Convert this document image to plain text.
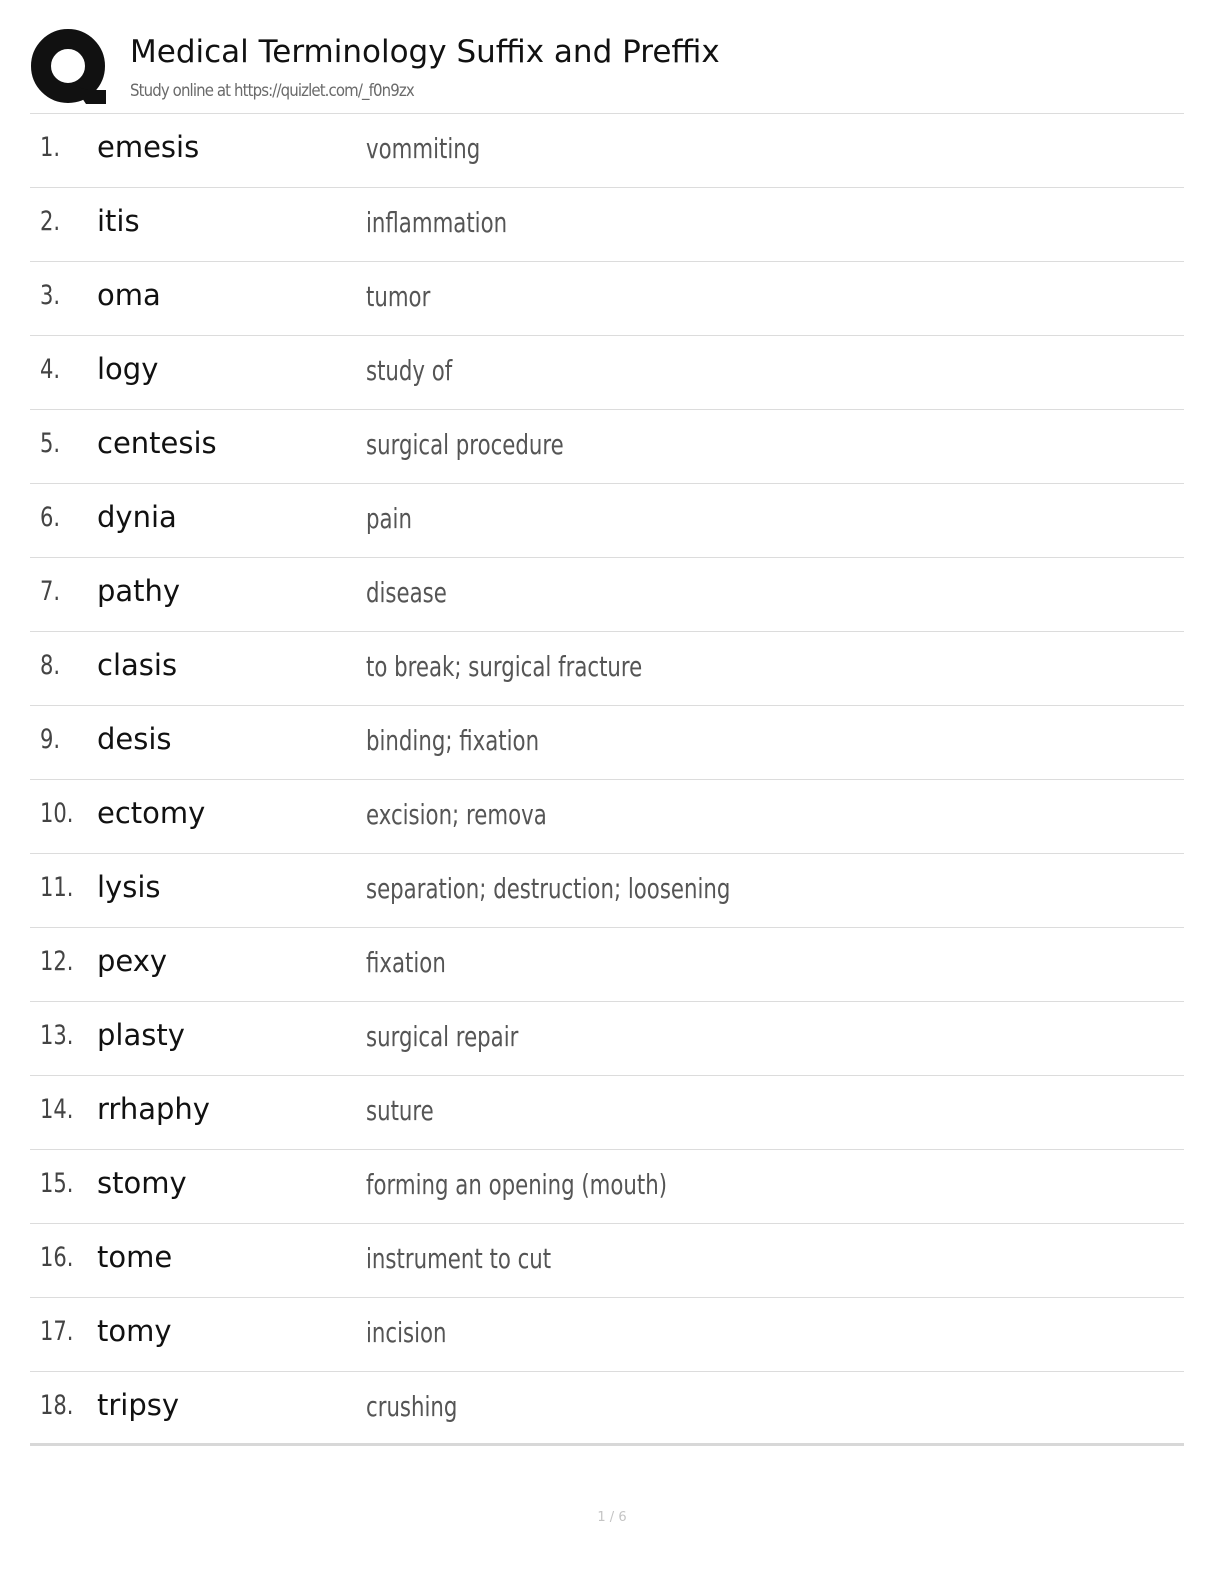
Medical Terminology Suffix and Preffix
Study online at https://quizlet.com/_f0n9zx
1. emesis	vommiting
2. itis	inflammation
3. oma	tumor
4. logy	study of
5. centesis	surgical procedure
6. dynia	pain
7. pathy	disease
8. clasis	to break; surgical fracture
9. desis	binding; fixation
10. ectomy	excision; remova
11. lysis	separation; destruction; loosening
12. pexy	fixation
13. plasty	surgical repair
14. rrhaphy	suture
15. stomy	forming an opening (mouth)
16. tome	instrument to cut
17. tomy	incision
18. tripsy	crushing
1 / 6
